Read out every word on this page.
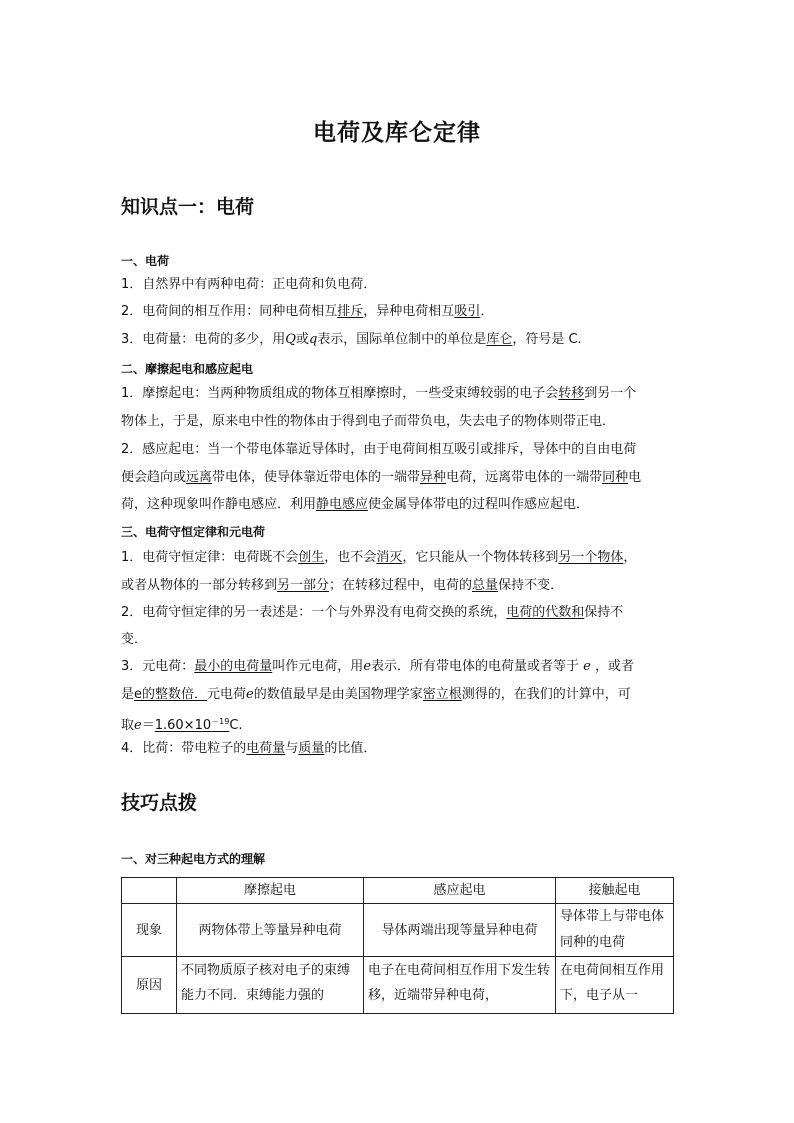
电荷及库仑定律
知识点一：电荷
一、电荷
1．自然界中有两种电荷：正电荷和负电荷．
2．电荷间的相互作用：同种电荷相互排斥，异种电荷相互吸引．
3．电荷量：电荷的多少，用Q或q表示，国际单位制中的单位是库仑，符号是 C.
二、摩擦起电和感应起电
1．摩擦起电：当两种物质组成的物体互相摩擦时，一些受束缚较弱的电子会转移到另一个
物体上，于是，原来电中性的物体由于得到电子而带负电，失去电子的物体则带正电．
2．感应起电：当一个带电体靠近导体时，由于电荷间相互吸引或排斥，导体中的自由电荷
便会趋向或远离带电体，使导体靠近带电体的一端带异种电荷，远离带电体的一端带同种电
荷，这种现象叫作静电感应．利用静电感应使金属导体带电的过程叫作感应起电．
三、电荷守恒定律和元电荷
1．电荷守恒定律：电荷既不会创生，也不会消灭，它只能从一个物体转移到另一个物体，
或者从物体的一部分转移到另一部分；在转移过程中，电荷的总量保持不变．
2．电荷守恒定律的另一表述是：一个与外界没有电荷交换的系统，电荷的代数和保持不
变．
3．元电荷：最小的电荷量叫作元电荷，用e表示．所有带电体的电荷量或者等于 e ，或者
是e的整数倍．元电荷e的数值最早是由美国物理学家密立根测得的，在我们的计算中，可
取$e=1.60\times 10^{-19}C$.
4．比荷：带电粒子的电荷量与质量的比值．
技巧点拨
一、对三种起电方式的理解
	摩擦起电	感应起电	接触起电
现象	两物体带上等量异种电荷	导体两端出现等量异种电荷	导体带上与带电体同种的电荷
原因	不同物质原子核对电子的束缚能力不同．束缚能力强的	电子在电荷间相互作用下发生转移，近端带异种电荷，	在电荷间相互作用下，电子从一
